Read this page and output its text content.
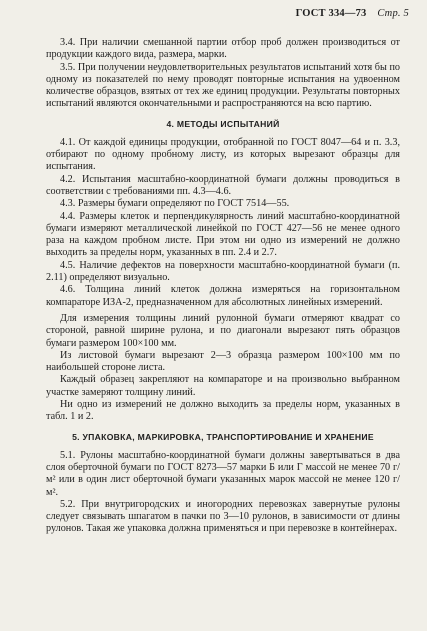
ГОСТ 334—73 Стр. 5

3.4. При наличии смешанной партии отбор проб должен производиться от продукции каждого вида, размера, марки.

3.5. При получении неудовлетворительных результатов испытаний хотя бы по одному из показателей по нему проводят повторные испытания на удвоенном количестве образцов, взятых от тех же единиц продукции. Результаты повторных испытаний являются окончательными и распространяются на всю партию.

4. МЕТОДЫ ИСПЫТАНИЙ

4.1. От каждой единицы продукции, отобранной по ГОСТ 8047—64 и п. 3.3, отбирают по одному пробному листу, из которых вырезают образцы для испытания.

4.2. Испытания масштабно-координатной бумаги должны проводиться в соответствии с требованиями пп. 4.3—4.6.

4.3. Размеры бумаги определяют по ГОСТ 7514—55.

4.4. Размеры клеток и перпендикулярность линий масштабно-координатной бумаги измеряют металлической линейкой по ГОСТ 427—56 не менее одного раза на каждом пробном листе. При этом ни одно из измерений не должно выходить за пределы норм, указанных в пп. 2.4 и 2.7.

4.5. Наличие дефектов на поверхности масштабно-координатной бумаги (п. 2.11) определяют визуально.

4.6. Толщина линий клеток должна измеряться на горизонтальном компараторе ИЗА-2, предназначенном для абсолютных линейных измерений.

Для измерения толщины линий рулонной бумаги отмеряют квадрат со стороной, равной ширине рулона, и по диагонали вырезают пять образцов бумаги размером 100×100 мм.

Из листовой бумаги вырезают 2—3 образца размером 100×100 мм по наибольшей стороне листа.

Каждый образец закрепляют на компараторе и на произвольно выбранном участке замеряют толщину линий.

Ни одно из измерений не должно выходить за пределы норм, указанных в табл. 1 и 2.

5. УПАКОВКА, МАРКИРОВКА, ТРАНСПОРТИРОВАНИЕ И ХРАНЕНИЕ

5.1. Рулоны масштабно-координатной бумаги должны завертываться в два слоя оберточной бумаги по ГОСТ 8273—57 марки Б или Г массой не менее 70 г/м² или в один лист оберточной бумаги указанных марок массой не менее 120 г/м².

5.2. При внутригородских и иногородних перевозках завернутые рулоны следует связывать шпагатом в пачки по 3—10 рулонов, в зависимости от длины рулонов. Такая же упаковка должна применяться и при перевозке в контейнерах.
